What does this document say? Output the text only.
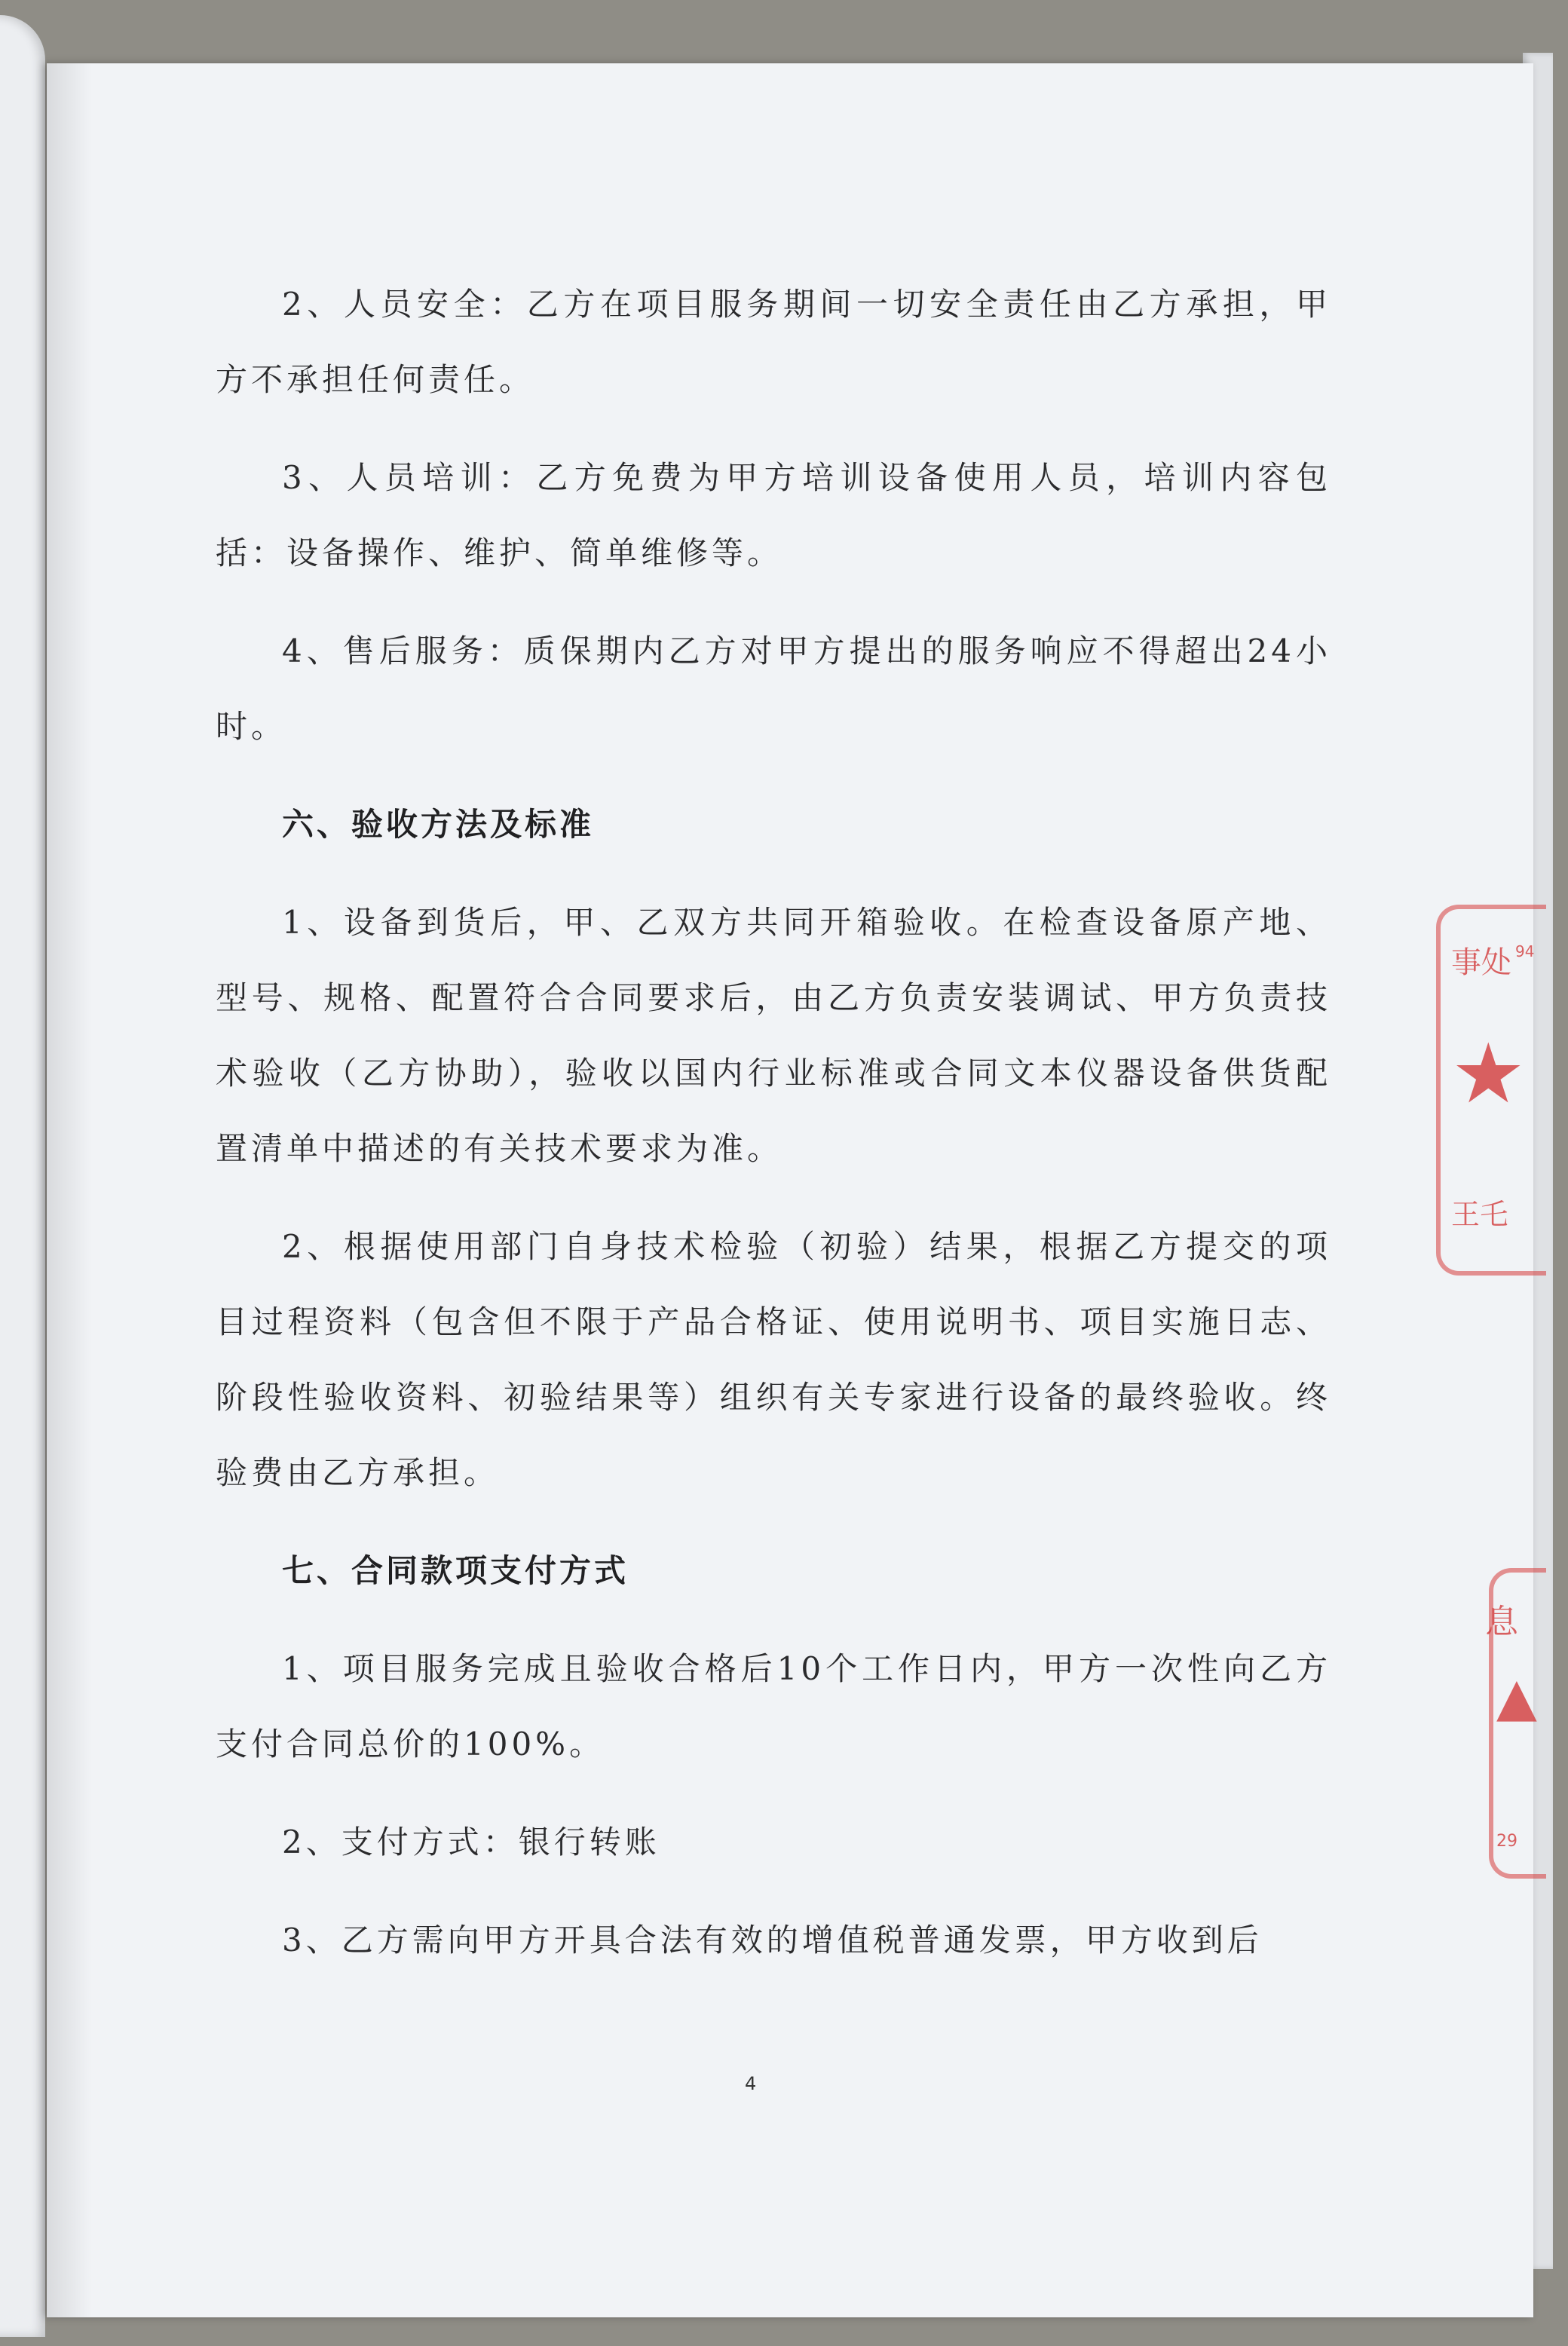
2、人员安全：乙方在项目服务期间一切安全责任由乙方承担，甲方不承担任何责任。

3、人员培训：乙方免费为甲方培训设备使用人员，培训内容包括：设备操作、维护、简单维修等。

4、售后服务：质保期内乙方对甲方提出的服务响应不得超出24小时。

六、验收方法及标准

1、设备到货后，甲、乙双方共同开箱验收。在检查设备原产地、型号、规格、配置符合合同要求后，由乙方负责安装调试、甲方负责技术验收（乙方协助），验收以国内行业标准或合同文本仪器设备供货配置清单中描述的有关技术要求为准。

2、根据使用部门自身技术检验（初验）结果，根据乙方提交的项目过程资料（包含但不限于产品合格证、使用说明书、项目实施日志、阶段性验收资料、初验结果等）组织有关专家进行设备的最终验收。终验费由乙方承担。

七、合同款项支付方式

1、项目服务完成且验收合格后10个工作日内，甲方一次性向乙方支付合同总价的100%。

2、支付方式：银行转账

3、乙方需向甲方开具合法有效的增值税普通发票，甲方收到后

4
事处 94
★
王乇
息
▲
29
